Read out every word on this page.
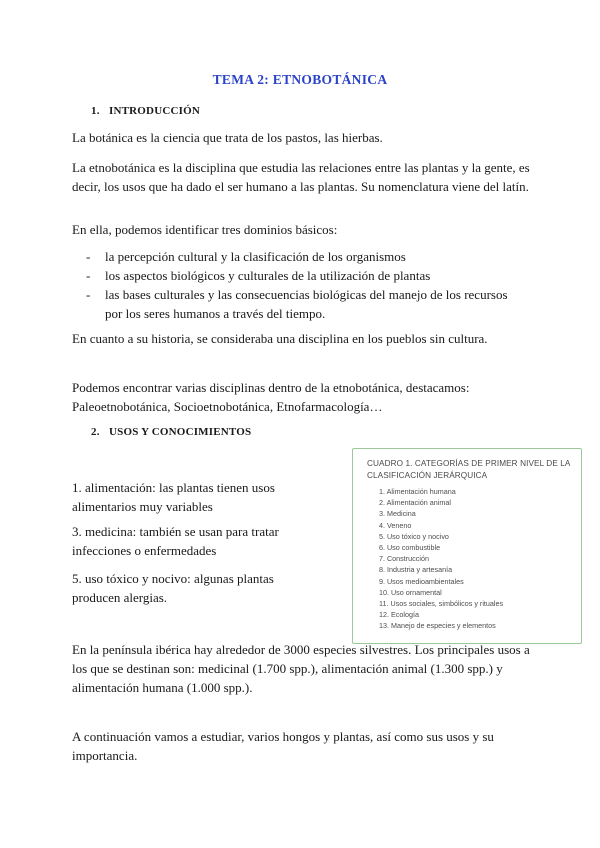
TEMA 2: ETNOBOTÁNICA
1. INTRODUCCIÓN

La botánica es la ciencia que trata de los pastos, las hierbas.

La etnobotánica es la disciplina que estudia las relaciones entre las plantas y la gente, es decir, los usos que ha dado el ser humano a las plantas. Su nomenclatura viene del latín.

En ella, podemos identificar tres dominios básicos:

- la percepción cultural y la clasificación de los organismos
- los aspectos biológicos y culturales de la utilización de plantas
- las bases culturales y las consecuencias biológicas del manejo de los recursos por los seres humanos a través del tiempo.

En cuanto a su historia, se consideraba una disciplina en los pueblos sin cultura.

Podemos encontrar varias disciplinas dentro de la etnobotánica, destacamos: Paleoetnobotánica, Socioetnobotánica, Etnofarmacología…

2. USOS Y CONOCIMIENTOS

1. alimentación: las plantas tienen usos alimentarios muy variables

3. medicina: también se usan para tratar infecciones o enfermedades

5. uso tóxico y nocivo: algunas plantas producen alergias.

CUADRO 1. CATEGORÍAS DE PRIMER NIVEL DE LA CLASIFICACIÓN JERÁRQUICA
1. Alimentación humana
2. Alimentación animal
3. Medicina
4. Veneno
5. Uso tóxico y nocivo
6. Uso combustible
7. Construcción
8. Industria y artesanía
9. Usos medioambientales
10. Uso ornamental
11. Usos sociales, simbólicos y rituales
12. Ecología
13. Manejo de especies y elementos

En la península ibérica hay alrededor de 3000 especies silvestres. Los principales usos a los que se destinan son: medicinal (1.700 spp.), alimentación animal (1.300 spp.) y alimentación humana (1.000 spp.).

A continuación vamos a estudiar, varios hongos y plantas, así como sus usos y su importancia.
